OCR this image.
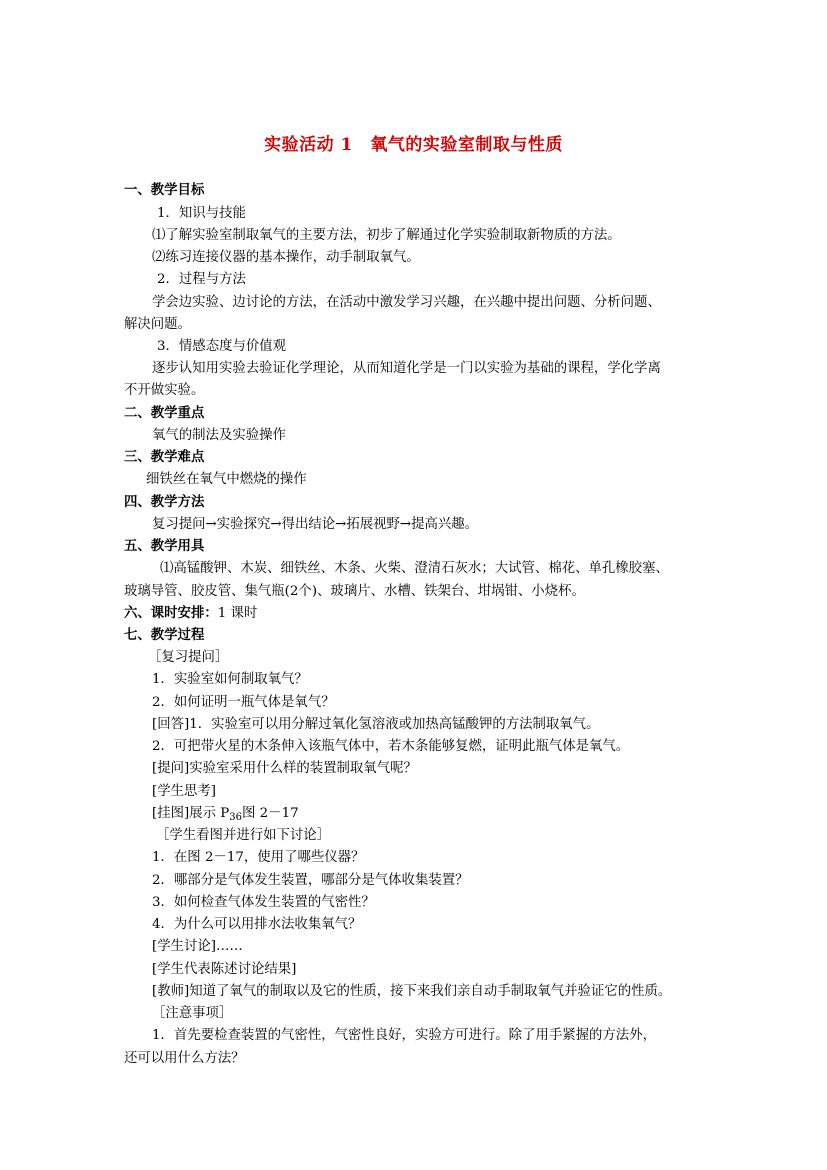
实验活动 1　氧气的实验室制取与性质
一、教学目标
1．知识与技能
⑴了解实验室制取氧气的主要方法，初步了解通过化学实验制取新物质的方法。
⑵练习连接仪器的基本操作，动手制取氧气。
2．过程与方法
学会边实验、边讨论的方法，在活动中激发学习兴趣，在兴趣中提出问题、分析问题、
解决问题。
3．情感态度与价值观
逐步认知用实验去验证化学理论，从而知道化学是一门以实验为基础的课程，学化学离
不开做实验。
二、教学重点
氧气的制法及实验操作
三、教学难点
细铁丝在氧气中燃烧的操作
四、教学方法
复习提问→实验探究→得出结论→拓展视野→提高兴趣。
五、教学用具
⑴高锰酸钾、木炭、细铁丝、木条、火柴、澄清石灰水；大试管、棉花、单孔橡胶塞、
玻璃导管、胶皮管、集气瓶(2个)、玻璃片、水槽、铁架台、坩埚钳、小烧杯。
六、课时安排：1 课时
七、教学过程
［复习提问］
1．实验室如何制取氧气？
2．如何证明一瓶气体是氧气？
[回答]1．实验室可以用分解过氧化氢溶液或加热高锰酸钾的方法制取氧气。
2．可把带火星的木条伸入该瓶气体中，若木条能够复燃，证明此瓶气体是氧气。
[提问]实验室采用什么样的装置制取氧气呢？
[学生思考]
[挂图]展示 $P_{36}$图 2－17
［学生看图并进行如下讨论］
1．在图 2－17，使用了哪些仪器？
2．哪部分是气体发生装置，哪部分是气体收集装置？
3．如何检查气体发生装置的气密性？
4．为什么可以用排水法收集氧气？
[学生讨论]……
[学生代表陈述讨论结果]
[教师]知道了氧气的制取以及它的性质，接下来我们亲自动手制取氧气并验证它的性质。
［注意事项］
1．首先要检查装置的气密性，气密性良好，实验方可进行。除了用手紧握的方法外，
还可以用什么方法？
